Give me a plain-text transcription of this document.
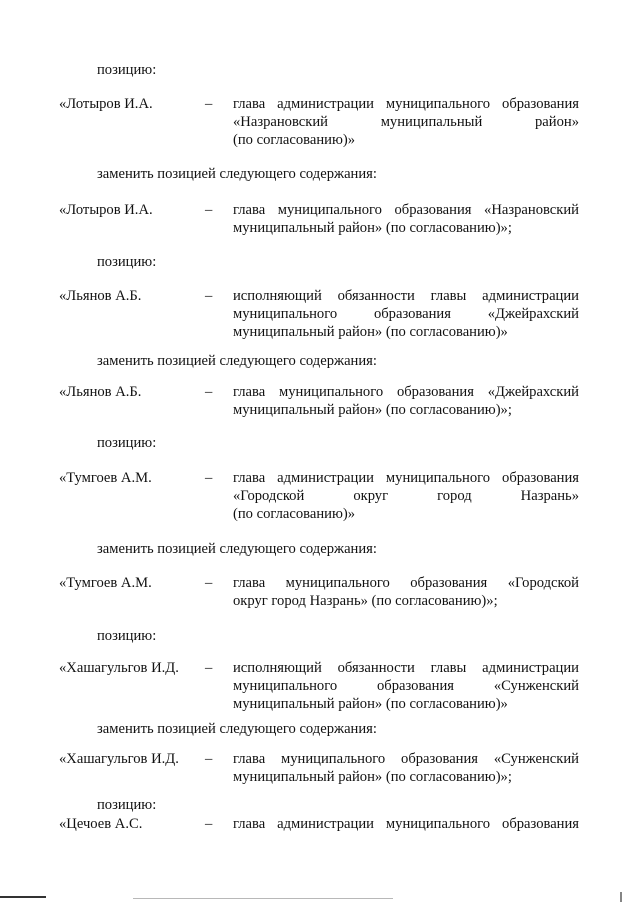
позицию:
«Лотыров И.А.	– глава администрации муниципального образования
«Назрановский муниципальный район»
(по согласованию)»
заменить позицией следующего содержания:
«Лотыров И.А.	– глава муниципального образования «Назрановский
муниципальный район» (по согласованию)»;
позицию:
«Льянов А.Б.	– исполняющий обязанности главы администрации
муниципального образования «Джейрахский
муниципальный район» (по согласованию)»
заменить позицией следующего содержания:
«Льянов А.Б.	– глава муниципального образования «Джейрахский
муниципальный район» (по согласованию)»;
позицию:
«Тумгоев А.М.	– глава администрации муниципального образования
«Городской округ город Назрань»
(по согласованию)»
заменить позицией следующего содержания:
«Тумгоев А.М.	– глава муниципального образования «Городской
округ город Назрань» (по согласованию)»;
позицию:
«Хашагульгов И.Д. – исполняющий обязанности главы администрации
муниципального образования «Сунженский
муниципальный район» (по согласованию)»
заменить позицией следующего содержания:
«Хашагульгов И.Д. – глава муниципального образования «Сунженский
муниципальный район» (по согласованию)»;
позицию:
«Цечоев А.С.	– глава администрации муниципального образования
